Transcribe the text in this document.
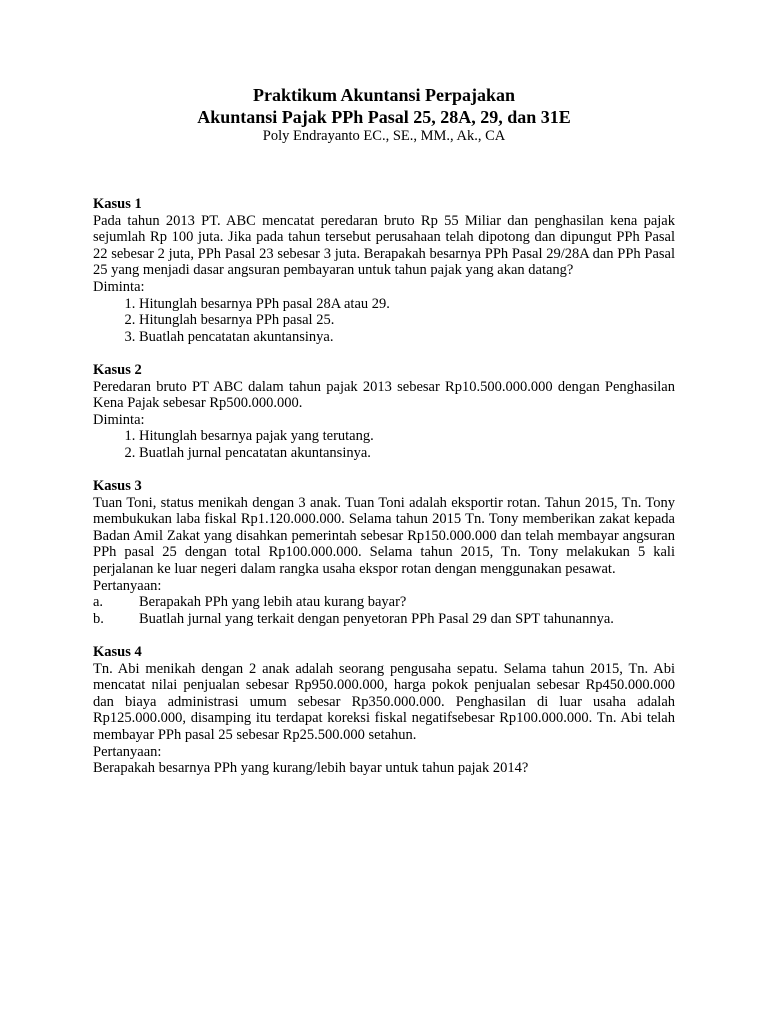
Praktikum Akuntansi Perpajakan
Akuntansi Pajak PPh Pasal 25, 28A, 29, dan 31E
Poly Endrayanto EC., SE., MM., Ak., CA
Kasus 1
Pada tahun 2013 PT. ABC mencatat peredaran bruto Rp 55 Miliar dan penghasilan kena pajak sejumlah Rp 100 juta. Jika pada tahun tersebut perusahaan telah dipotong dan dipungut PPh Pasal 22 sebesar 2 juta, PPh Pasal 23 sebesar 3 juta. Berapakah besarnya PPh Pasal 29/28A dan PPh Pasal 25 yang menjadi dasar angsuran pembayaran untuk tahun pajak yang akan datang?
Diminta:
1. Hitunglah besarnya PPh pasal 28A atau 29.
2. Hitunglah besarnya PPh pasal 25.
3. Buatlah pencatatan akuntansinya.
Kasus 2
Peredaran bruto PT ABC dalam tahun pajak 2013 sebesar Rp10.500.000.000 dengan Penghasilan Kena Pajak sebesar Rp500.000.000.
Diminta:
1. Hitunglah besarnya pajak yang terutang.
2. Buatlah jurnal pencatatan akuntansinya.
Kasus 3
Tuan Toni, status menikah dengan 3 anak. Tuan Toni adalah eksportir rotan. Tahun 2015, Tn. Tony membukukan laba fiskal Rp1.120.000.000. Selama tahun 2015 Tn. Tony memberikan zakat kepada Badan Amil Zakat yang disahkan pemerintah sebesar Rp150.000.000 dan telah membayar angsuran PPh pasal 25 dengan total Rp100.000.000. Selama tahun 2015, Tn. Tony melakukan 5 kali perjalanan ke luar negeri dalam rangka usaha ekspor rotan dengan menggunakan pesawat.
Pertanyaan:
a.	Berapakah PPh yang lebih atau kurang bayar?
b.	Buatlah jurnal yang terkait dengan penyetoran PPh Pasal 29 dan SPT tahunannya.
Kasus 4
Tn. Abi menikah dengan 2 anak adalah seorang pengusaha sepatu. Selama tahun 2015, Tn. Abi mencatat nilai penjualan sebesar Rp950.000.000, harga pokok penjualan sebesar Rp450.000.000 dan biaya administrasi umum sebesar Rp350.000.000. Penghasilan di luar usaha adalah Rp125.000.000, disamping itu terdapat koreksi fiskal negatifsebesar Rp100.000.000. Tn. Abi telah membayar PPh pasal 25 sebesar Rp25.500.000 setahun.
Pertanyaan:
Berapakah besarnya PPh yang kurang/lebih bayar untuk tahun pajak 2014?
